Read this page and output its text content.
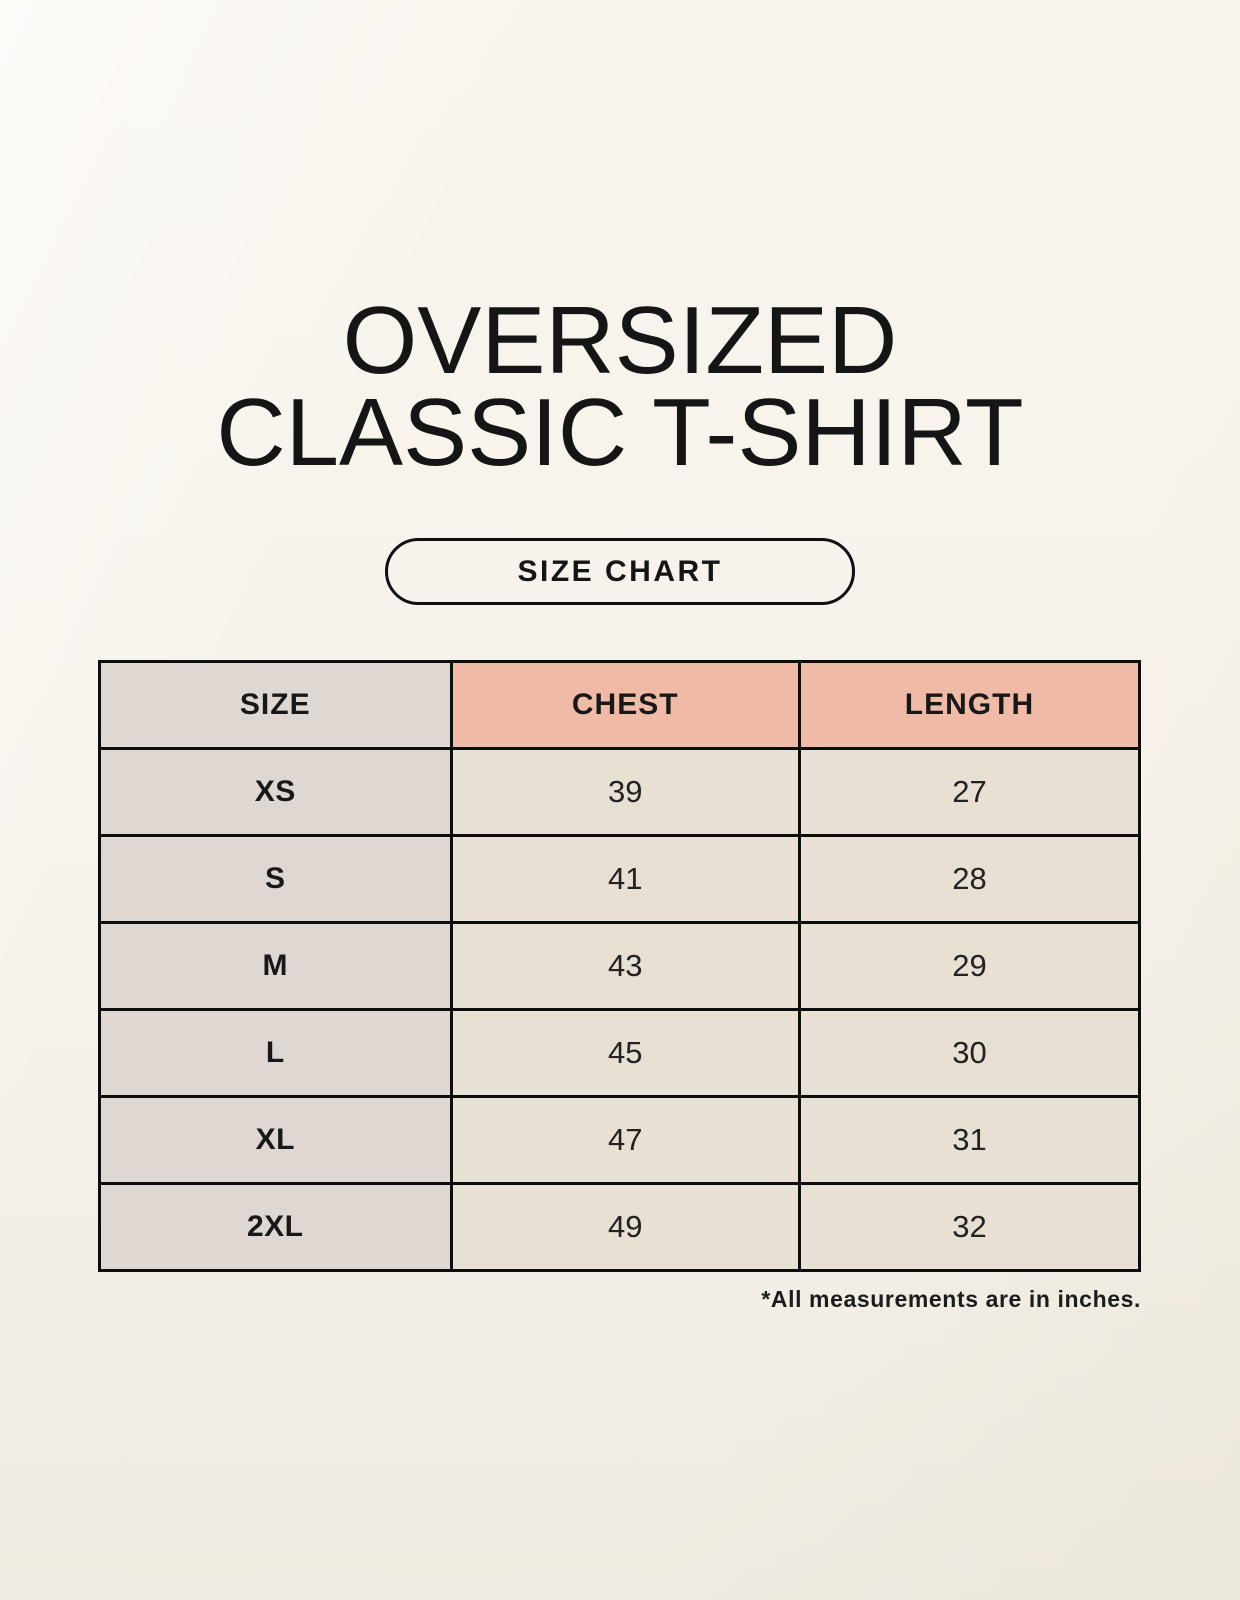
OVERSIZED
CLASSIC T-SHIRT
SIZE CHART
SIZE	CHEST	LENGTH
XS	39	27
S	41	28
M	43	29
L	45	30
XL	47	31
2XL	49	32
*All measurements are in inches.
